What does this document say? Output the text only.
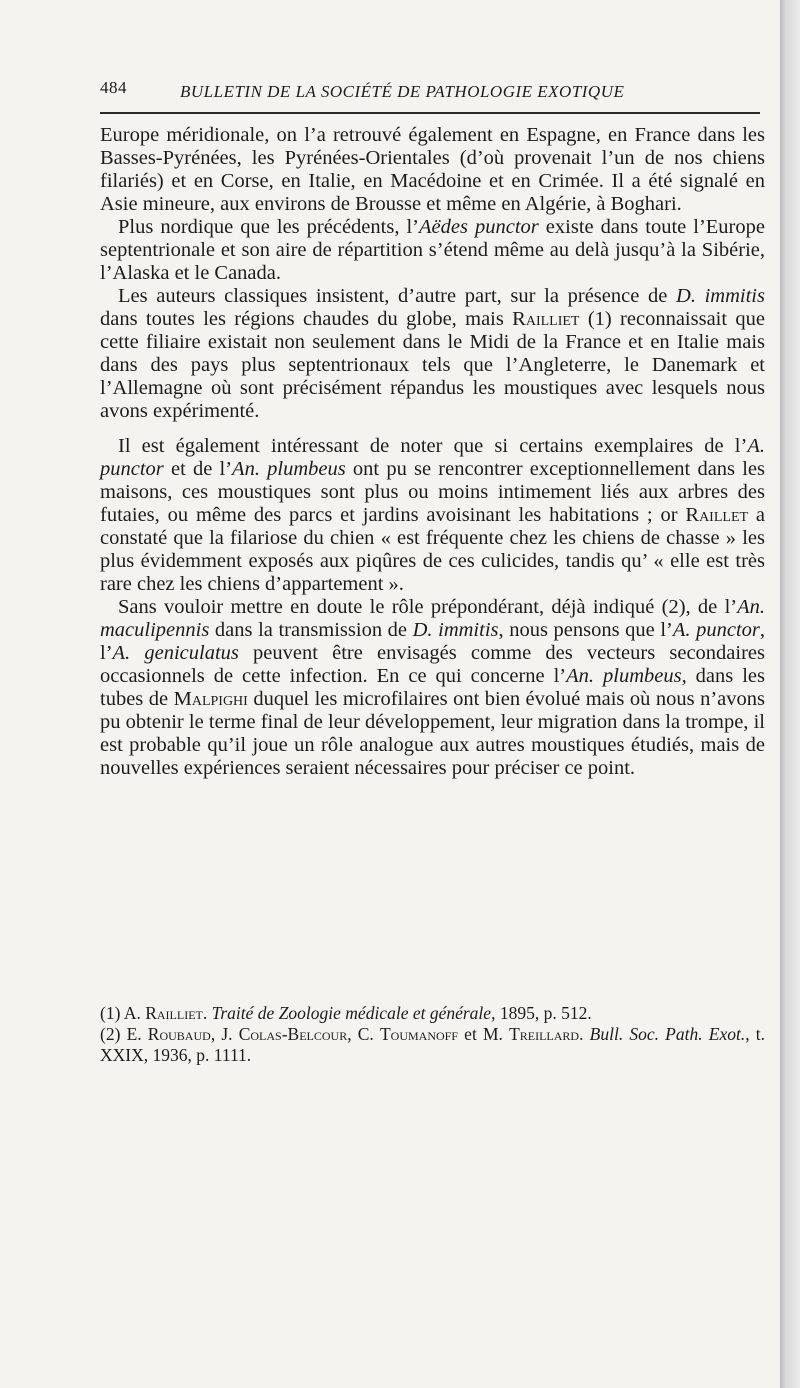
484	BULLETIN DE LA SOCIÉTÉ DE PATHOLOGIE EXOTIQUE

Europe méridionale, on l’a retrouvé également en Espagne, en France dans les Basses-Pyrénées, les Pyrénées-Orientales (d’où provenait l’un de nos chiens filariés) et en Corse, en Italie, en Macédoine et en Crimée. Il a été signalé en Asie mineure, aux environs de Brousse et même en Algérie, à Boghari.

Plus nordique que les précédents, l’Aëdes punctor existe dans toute l’Europe septentrionale et son aire de répartition s’étend même au delà jusqu’à la Sibérie, l’Alaska et le Canada.

Les auteurs classiques insistent, d’autre part, sur la présence de D. immitis dans toutes les régions chaudes du globe, mais Railliet (1) reconnaissait que cette filiaire existait non seulement dans le Midi de la France et en Italie mais dans des pays plus septentrionaux tels que l’Angleterre, le Danemark et l’Allemagne où sont précisément répandus les moustiques avec lesquels nous avons expérimenté.

Il est également intéressant de noter que si certains exemplaires de l’A. punctor et de l’An. plumbeus ont pu se rencontrer exceptionnellement dans les maisons, ces moustiques sont plus ou moins intimement liés aux arbres des futaies, ou même des parcs et jardins avoisinant les habitations ; or Raillet a constaté que la filariose du chien « est fréquente chez les chiens de chasse » les plus évidemment exposés aux piqûres de ces culicides, tandis qu’ « elle est très rare chez les chiens d’appartement ».

Sans vouloir mettre en doute le rôle prépondérant, déjà indiqué (2), de l’An. maculipennis dans la transmission de D. immitis, nous pensons que l’A. punctor, l’A. geniculatus peuvent être envisagés comme des vecteurs secondaires occasionnels de cette infection. En ce qui concerne l’An. plumbeus, dans les tubes de Malpighi duquel les microfilaires ont bien évolué mais où nous n’avons pu obtenir le terme final de leur développement, leur migration dans la trompe, il est probable qu’il joue un rôle analogue aux autres moustiques étudiés, mais de nouvelles expériences seraient nécessaires pour préciser ce point.

(1) A. Railliet. Traité de Zoologie médicale et générale, 1895, p. 512.

(2) E. Roubaud, J. Colas-Belcour, C. Toumanoff et M. Treillard. Bull. Soc. Path. Exot., t. XXIX, 1936, p. 1111.
